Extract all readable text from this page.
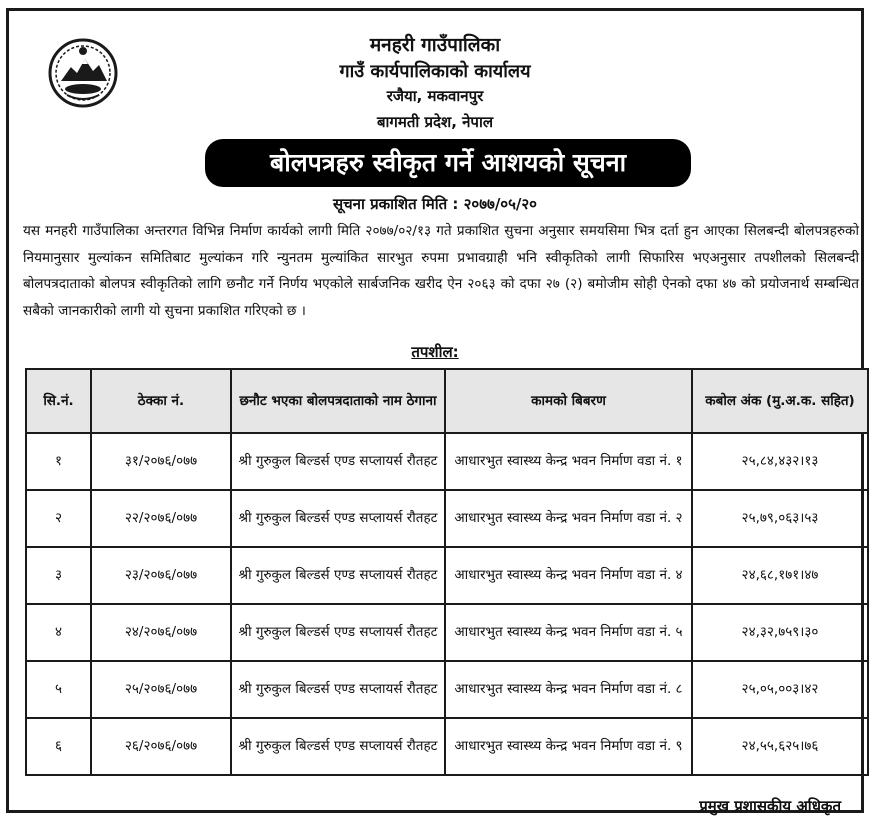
मनहरी गाउँपालिका
गाउँ कार्यपालिकाको कार्यालय
रजैया, मकवानपुर
बागमती प्रदेश, नेपाल
बोलपत्रहरु स्वीकृत गर्ने आशयको सूचना
सूचना प्रकाशित मिति : २०७७/०५/२०

यस मनहरी गाउँपालिका अन्तरगत विभिन्न निर्माण कार्यको लागी मिति २०७७/०२/१३ गते प्रकाशित सुचना अनुसार समयसिमा भित्र दर्ता हुन आएका सिलबन्दी बोलपत्रहरुको नियमानुसार मुल्यांकन समितिबाट मुल्यांकन गरि न्युनतम मुल्यांकित सारभुत रुपमा प्रभावग्राही भनि स्वीकृतिको लागी सिफारिस भएअनुसार तपशीलको सिलबन्दी बोलपत्रदाताको बोलपत्र स्वीकृतिको लागि छनौट गर्ने निर्णय भएकोले सार्बजनिक खरीद ऐन २०६३ को दफा २७ (२) बमोजीम सोही ऐनको दफा ४७ को प्रयोजनार्थ सम्बन्धित सबैको जानकारीको लागी यो सुचना प्रकाशित गरिएको छ ।

तपशील:
सि.नं.	ठेक्का नं.	छनौट भएका बोलपत्रदाताको नाम ठेगाना	कामको बिबरण	कबोल अंक (मु.अ.क. सहित)
१	३१/२०७६/०७७	श्री गुरुकुल बिल्डर्स एण्ड सप्लायर्स रौतहट	आधारभुत स्वास्थ्य केन्द्र भवन निर्माण वडा नं. १	२५,८४,४३२।१३
२	२२/२०७६/०७७	श्री गुरुकुल बिल्डर्स एण्ड सप्लायर्स रौतहट	आधारभुत स्वास्थ्य केन्द्र भवन निर्माण वडा नं. २	२५,७९,०६३।५३
३	२३/२०७६/०७७	श्री गुरुकुल बिल्डर्स एण्ड सप्लायर्स रौतहट	आधारभुत स्वास्थ्य केन्द्र भवन निर्माण वडा नं. ४	२४,६८,१७१।४७
४	२४/२०७६/०७७	श्री गुरुकुल बिल्डर्स एण्ड सप्लायर्स रौतहट	आधारभुत स्वास्थ्य केन्द्र भवन निर्माण वडा नं. ५	२४,३२,७५९।३०
५	२५/२०७६/०७७	श्री गुरुकुल बिल्डर्स एण्ड सप्लायर्स रौतहट	आधारभुत स्वास्थ्य केन्द्र भवन निर्माण वडा नं. ८	२५,०५,००३।४२
६	२६/२०७६/०७७	श्री गुरुकुल बिल्डर्स एण्ड सप्लायर्स रौतहट	आधारभुत स्वास्थ्य केन्द्र भवन निर्माण वडा नं. ९	२४,५५,६२५।७६
प्रमुख प्रशासकीय अधिकृत
